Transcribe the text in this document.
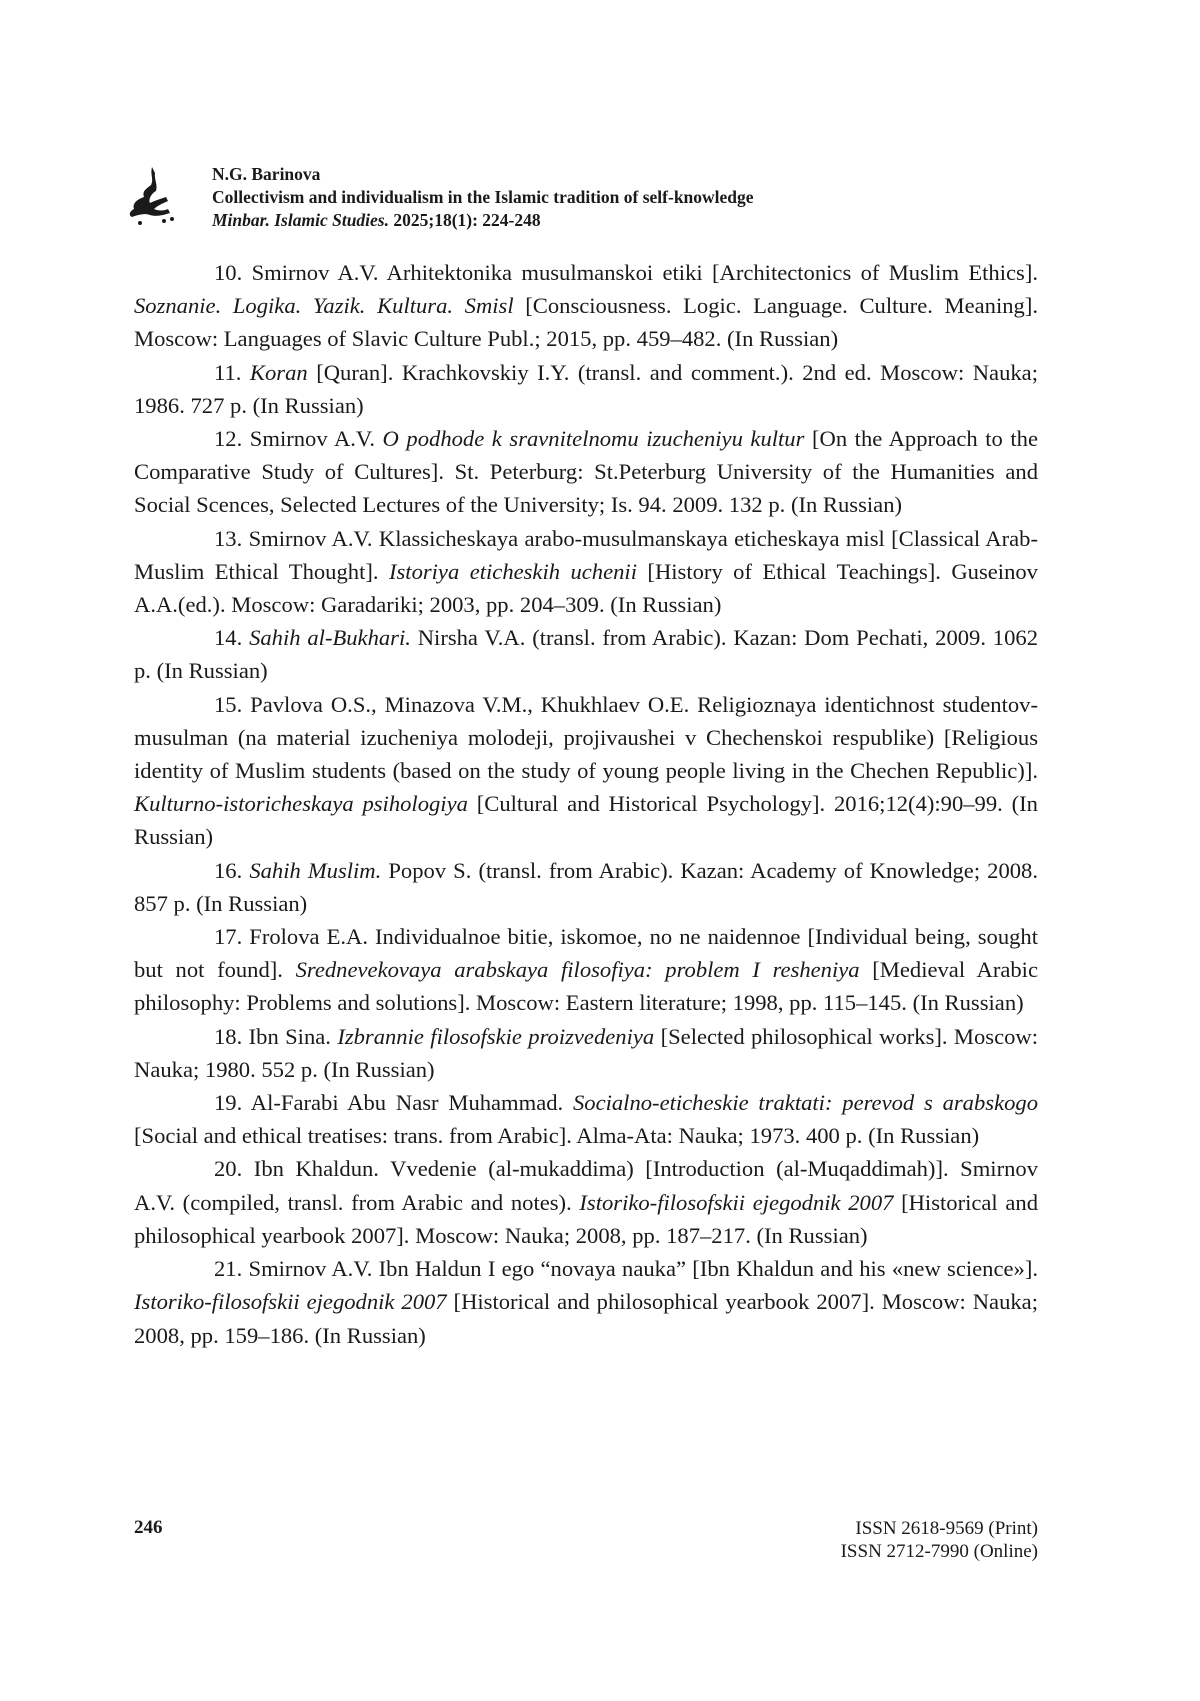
N.G. Barinova
Collectivism and individualism in the Islamic tradition of self-knowledge
Minbar. Islamic Studies. 2025;18(1): 224-248

10. Smirnov A.V. Arhitektonika musulmanskoi etiki [Architectonics of Muslim Ethics]. Soznanie. Logika. Yazik. Kultura. Smisl [Consciousness. Logic. Language. Culture. Meaning]. Moscow: Languages of Slavic Culture Publ.; 2015, pp. 459–482. (In Russian)

11. Koran [Quran]. Krachkovskiy I.Y. (transl. and comment.). 2nd ed. Moscow: Nauka; 1986. 727 p. (In Russian)

12. Smirnov A.V. O podhode k sravnitelnomu izucheniyu kultur [On the Approach to the Comparative Study of Cultures]. St. Peterburg: St.Peterburg University of the Humanities and Social Scences, Selected Lectures of the University; Is. 94. 2009. 132 p. (In Russian)

13. Smirnov A.V. Klassicheskaya arabo-musulmanskaya eticheskaya misl [Classical Arab-Muslim Ethical Thought]. Istoriya eticheskih uchenii [History of Ethical Teachings]. Guseinov A.A.(ed.). Moscow: Garadariki; 2003, pp. 204–309. (In Russian)

14. Sahih al-Bukhari. Nirsha V.A. (transl. from Arabic). Kazan: Dom Pechati, 2009. 1062 p. (In Russian)

15. Pavlova O.S., Minazova V.M., Khukhlaev O.E. Religioznaya identichnost studentov-musulman (na material izucheniya molodeji, projivaushei v Chechenskoi respublike) [Religious identity of Muslim students (based on the study of young people living in the Chechen Republic)]. Kulturno-istoricheskaya psihologiya [Cultural and Historical Psychology]. 2016;12(4):90–99. (In Russian)

16. Sahih Muslim. Popov S. (transl. from Arabic). Kazan: Academy of Knowledge; 2008. 857 p. (In Russian)

17. Frolova E.A. Individualnoe bitie, iskomoe, no ne naidennoe [Individual being, sought but not found]. Srednevekovaya arabskaya filosofiya: problem I resheniya [Medieval Arabic philosophy: Problems and solutions]. Moscow: Eastern literature; 1998, pp. 115–145. (In Russian)

18. Ibn Sina. Izbrannie filosofskie proizvedeniya [Selected philosophical works]. Moscow: Nauka; 1980. 552 p. (In Russian)

19. Al-Farabi Abu Nasr Muhammad. Socialno-eticheskie traktati: perevod s arabskogo [Social and ethical treatises: trans. from Arabic]. Alma-Ata: Nauka; 1973. 400 p. (In Russian)

20. Ibn Khaldun. Vvedenie (al-mukaddima) [Introduction (al-Muqaddimah)]. Smirnov A.V. (compiled, transl. from Arabic and notes). Istoriko-filosofskii ejegodnik 2007 [Historical and philosophical yearbook 2007]. Moscow: Nauka; 2008, pp. 187–217. (In Russian)

21. Smirnov A.V. Ibn Haldun I ego “novaya nauka” [Ibn Khaldun and his «new science»]. Istoriko-filosofskii ejegodnik 2007 [Historical and philosophical yearbook 2007]. Moscow: Nauka; 2008, pp. 159–186. (In Russian)

246	ISSN 2618-9569 (Print)
ISSN 2712-7990 (Online)
